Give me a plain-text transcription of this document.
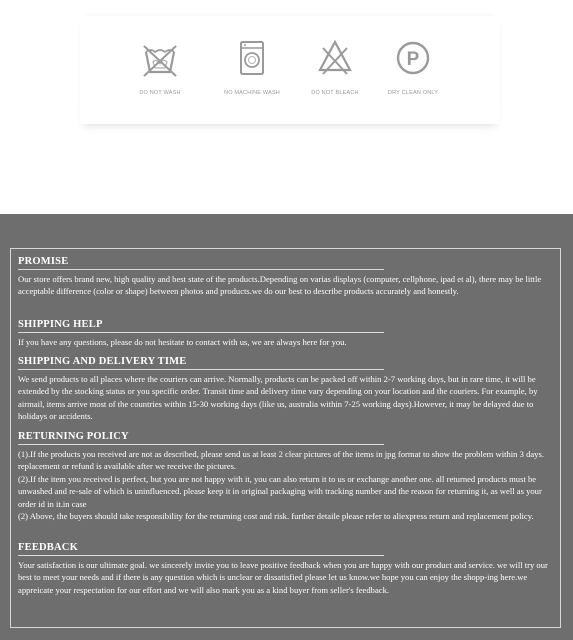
DO NOT WASH	NO MACHINE WASH	DO NOT BLEACH
P
DRY CLEAN ONLY
PROMISE
Our store offers brand new, high quality and best state of the products.Depending on varias displays (computer, cellphone, ipad et al), there may be little acceptable difference (color or shape) between photos and products.we do our best to describe products accurately and honestly.
SHIPPING HELP
If you have any questions, please do not hesitate to contact with us, we are always here for you.
SHIPPING AND DELIVERY TIME
We send products to all places where the couriers can arrive. Normally, products can be packed off within 2-7 working days, but in rare time, it will be extended by the stocking status or you specific order. Transit time and delivery time vary depending on your location and the couriers. For example, by airmail, items arrive most of the countries within 15-30 working days (like us, australia within 7-25 working days).However, it may be delayed due to holidays or accidents.
RETURNING POLICY
(1).If the products you received are not as described, please send us at least 2 clear pictures of the items in jpg format to show the problem within 3 days. replacement or refund is available after we receive the pictures.
(2).If the item you received is perfect, but you are not happy with it, you can also return it to us or exchange another one. all returned products must be unwashed and re-sale of which is uninfluenced. please keep it in original packaging with tracking number and the reason for returning it, as well as your order id in it.in case
(2) Above, the buyers should take responsibility for the returning cost and risk. further detaile please refer to aliexpress return and replacement policy.
FEEDBACK
Your satisfaction is our ultimate goal. we sincerely invite you to leave positive feedback when you are happy with our product and service. we will try our best to meet your needs and if there is any question which is unclear or dissatisfied please let us know.we hope you can enjoy the shopp-ing here.we appreicate your respectation for our effort and we will also mark you as a kind buyer from seller's feedback.
